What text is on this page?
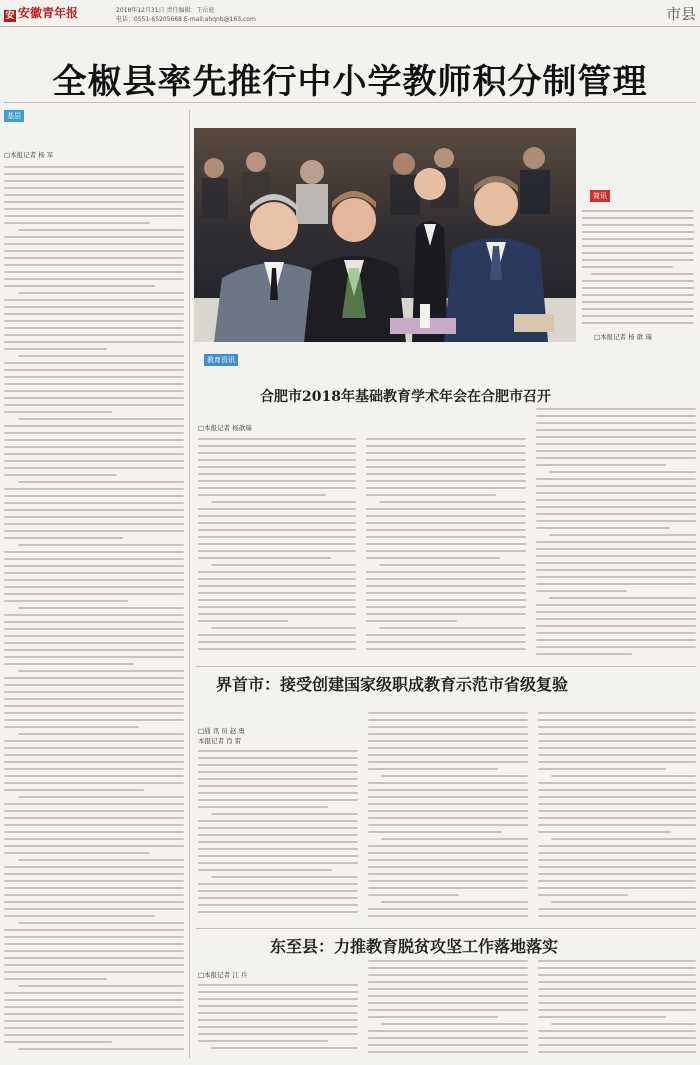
安 安徽青年报	2018年12月31日 责任编辑：王岳庭
电话：0551-65205668 E-mail:ahqnb@163.com	市县
全椒县率先推行中小学教师积分制管理
基层
□本报记者 杨 军
简讯
□本报记者 杨 歆 瑞
教育资讯
合肥市2018年基础教育学术年会在合肥市召开
□本报记者 杨歆瑞
界首市：接受创建国家级职成教育示范市省级复验
□通 讯 员 赵 勇
本报记者 肖 雷
东至县：力推教育脱贫攻坚工作落地落实
□本报记者 江 兵
